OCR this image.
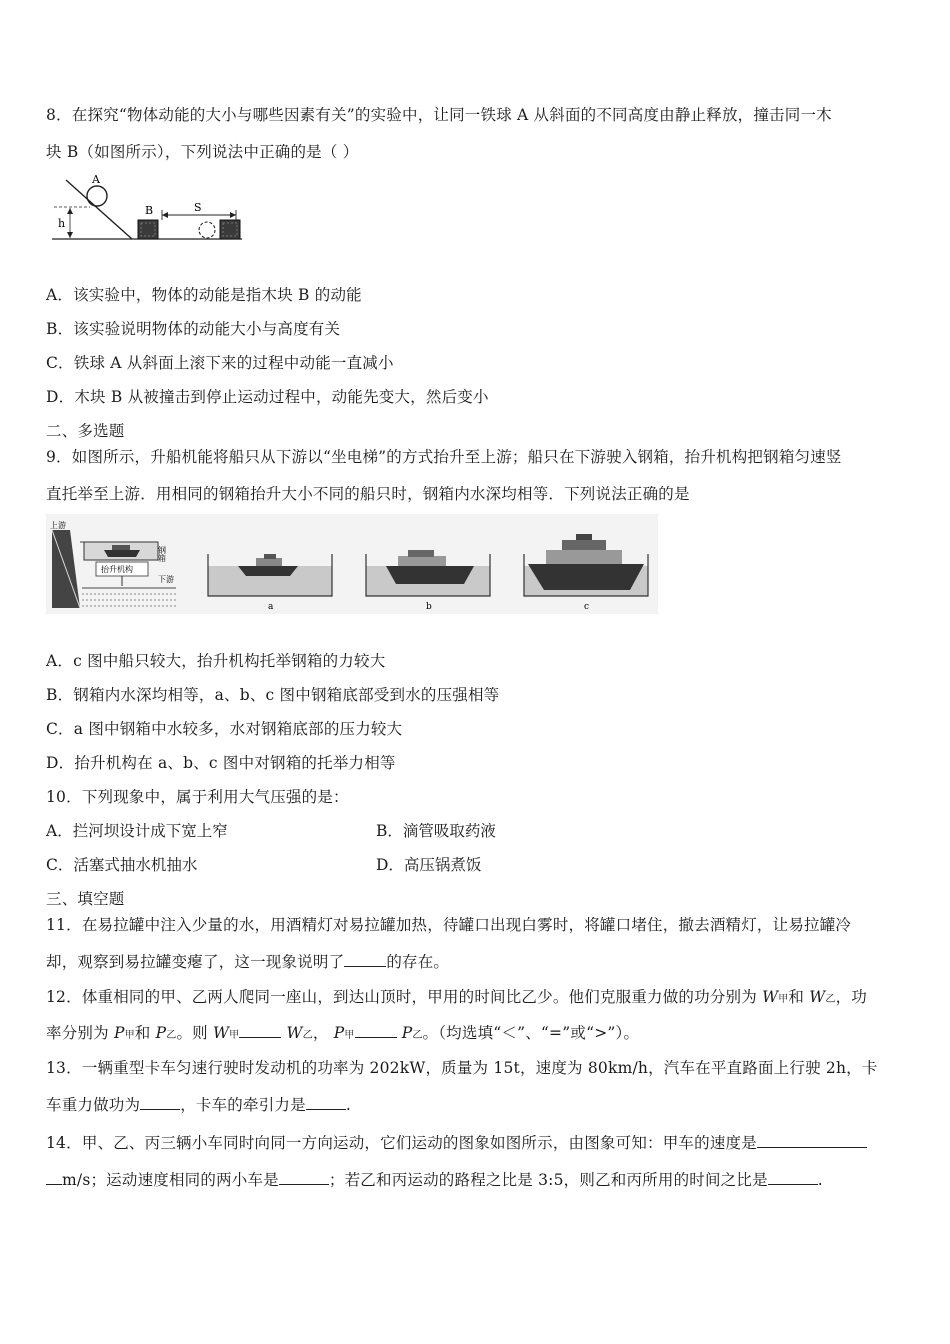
8．在探究“物体动能的大小与哪些因素有关”的实验中，让同一铁球 A 从斜面的不同高度由静止释放，撞击同一木
块 B（如图所示），下列说法中正确的是（ ）
A
h
B	S
A．该实验中，物体的动能是指木块 B 的动能
B．该实验说明物体的动能大小与高度有关
C．铁球 A 从斜面上滚下来的过程中动能一直减小
D．木块 B 从被撞击到停止运动过程中，动能先变大，然后变小
二、多选题
9．如图所示，升船机能将船只从下游以“坐电梯”的方式抬升至上游；船只在下游驶入钢箱，抬升机构把钢箱匀速竖
直托举至上游．用相同的钢箱抬升大小不同的船只时，钢箱内水深均相等．下列说法正确的是
上游
钢箱
抬升机构
下游
a	b	c
A．c 图中船只较大，抬升机构托举钢箱的力较大
B．钢箱内水深均相等，a、b、c 图中钢箱底部受到水的压强相等
C．a 图中钢箱中水较多，水对钢箱底部的压力较大
D．抬升机构在 a、b、c 图中对钢箱的托举力相等
10．下列现象中，属于利用大气压强的是：
A．拦河坝设计成下宽上窄	B．滴管吸取药液
C．活塞式抽水机抽水	D．高压锅煮饭
三、填空题
11．在易拉罐中注入少量的水，用酒精灯对易拉罐加热，待罐口出现白雾时，将罐口堵住，撤去酒精灯，让易拉罐冷
却，观察到易拉罐变瘪了，这一现象说明了	的存在。
12．体重相同的甲、乙两人爬同一座山，到达山顶时，甲用的时间比乙少。他们克服重力做的功分别为 W甲和 W乙，功
率分别为 P甲和 P乙。则 W甲	W乙， P甲	P乙。（均选填“＜”、“=”或“>”）。
13．一辆重型卡车匀速行驶时发动机的功率为 202kW，质量为 15t，速度为 80km/h，汽车在平直路面上行驶 2h，卡
车重力做功为	，卡车的牵引力是	.
14．甲、乙、丙三辆小车同时向同一方向运动，它们运动的图象如图所示，由图象可知：甲车的速度是
m/s；运动速度相同的两小车是	；若乙和丙运动的路程之比是 3:5，则乙和丙所用的时间之比是	.
